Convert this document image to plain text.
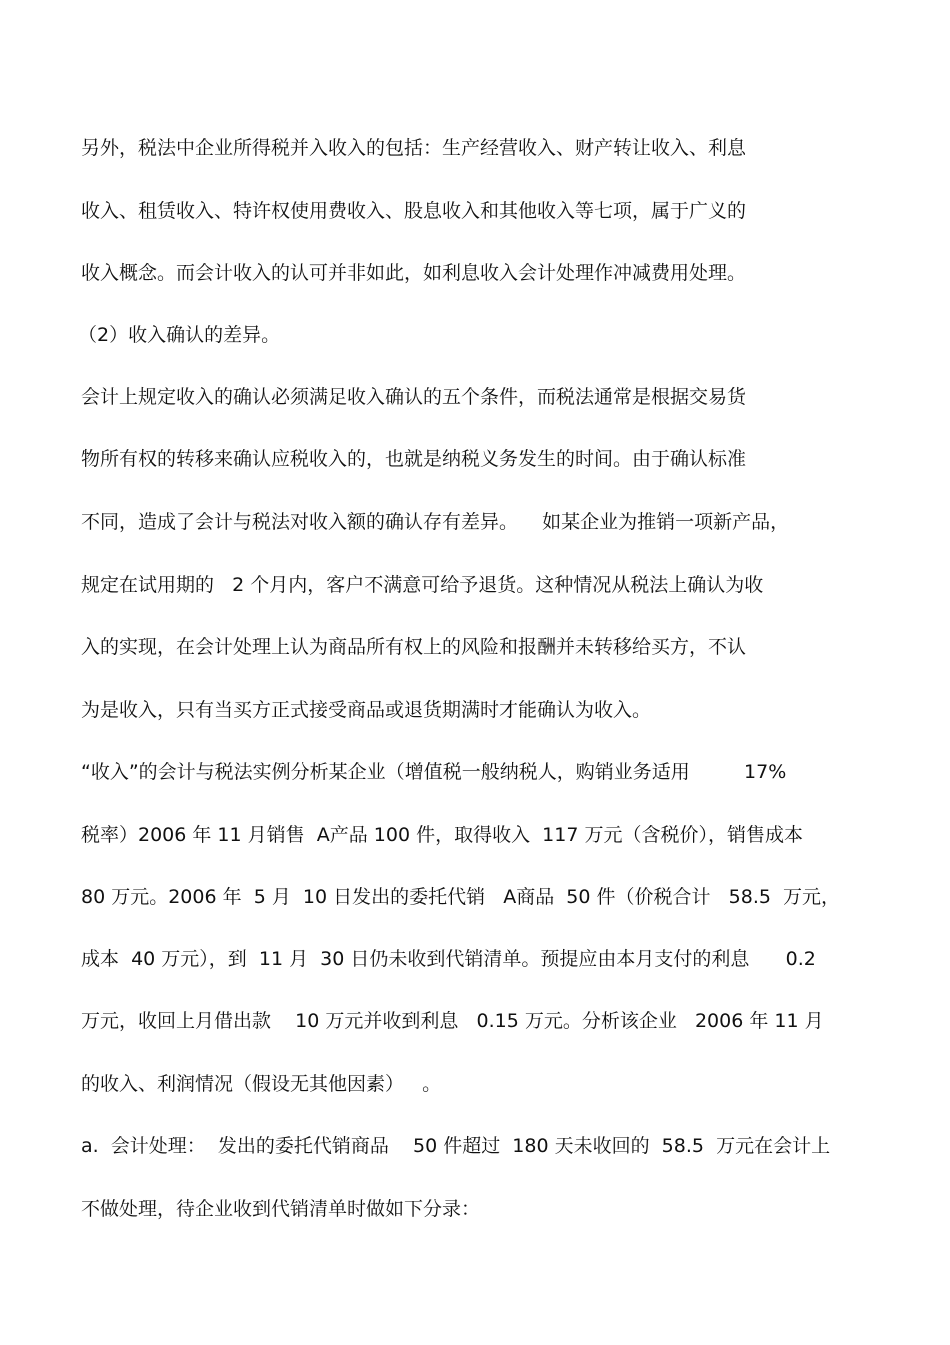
另外，税法中企业所得税并入收入的包括：生产经营收入、财产转让收入、利息
收入、租赁收入、特许权使用费收入、股息收入和其他收入等七项，属于广义的
收入概念。而会计收入的认可并非如此，如利息收入会计处理作冲减费用处理。
（2）收入确认的差异。
会计上规定收入的确认必须满足收入确认的五个条件，而税法通常是根据交易货
物所有权的转移来确认应税收入的，也就是纳税义务发生的时间。由于确认标准
不同，造成了会计与税法对收入额的确认存有差异。    如某企业为推销一项新产品，
规定在试用期的   2 个月内，客户不满意可给予退货。这种情况从税法上确认为收
入的实现，在会计处理上认为商品所有权上的风险和报酬并未转移给买方，不认
为是收入，只有当买方正式接受商品或退货期满时才能确认为收入。
“收入”的会计与税法实例分析某企业（增值税一般纳税人，购销业务适用         17%
税率）2006 年 11 月销售  A产品 100 件，取得收入  117 万元（含税价），销售成本
80 万元。2006 年  5 月  10 日发出的委托代销   A商品  50 件（价税合计   58.5  万元，
成本  40 万元），到  11 月  30 日仍未收到代销清单。预提应由本月支付的利息      0.2
万元，收回上月借出款    10 万元并收到利息   0.15 万元。分析该企业   2006 年 11 月
的收入、利润情况（假设无其他因素）   。
a.  会计处理：  发出的委托代销商品    50 件超过  180 天未收回的  58.5  万元在会计上
不做处理，待企业收到代销清单时做如下分录：
